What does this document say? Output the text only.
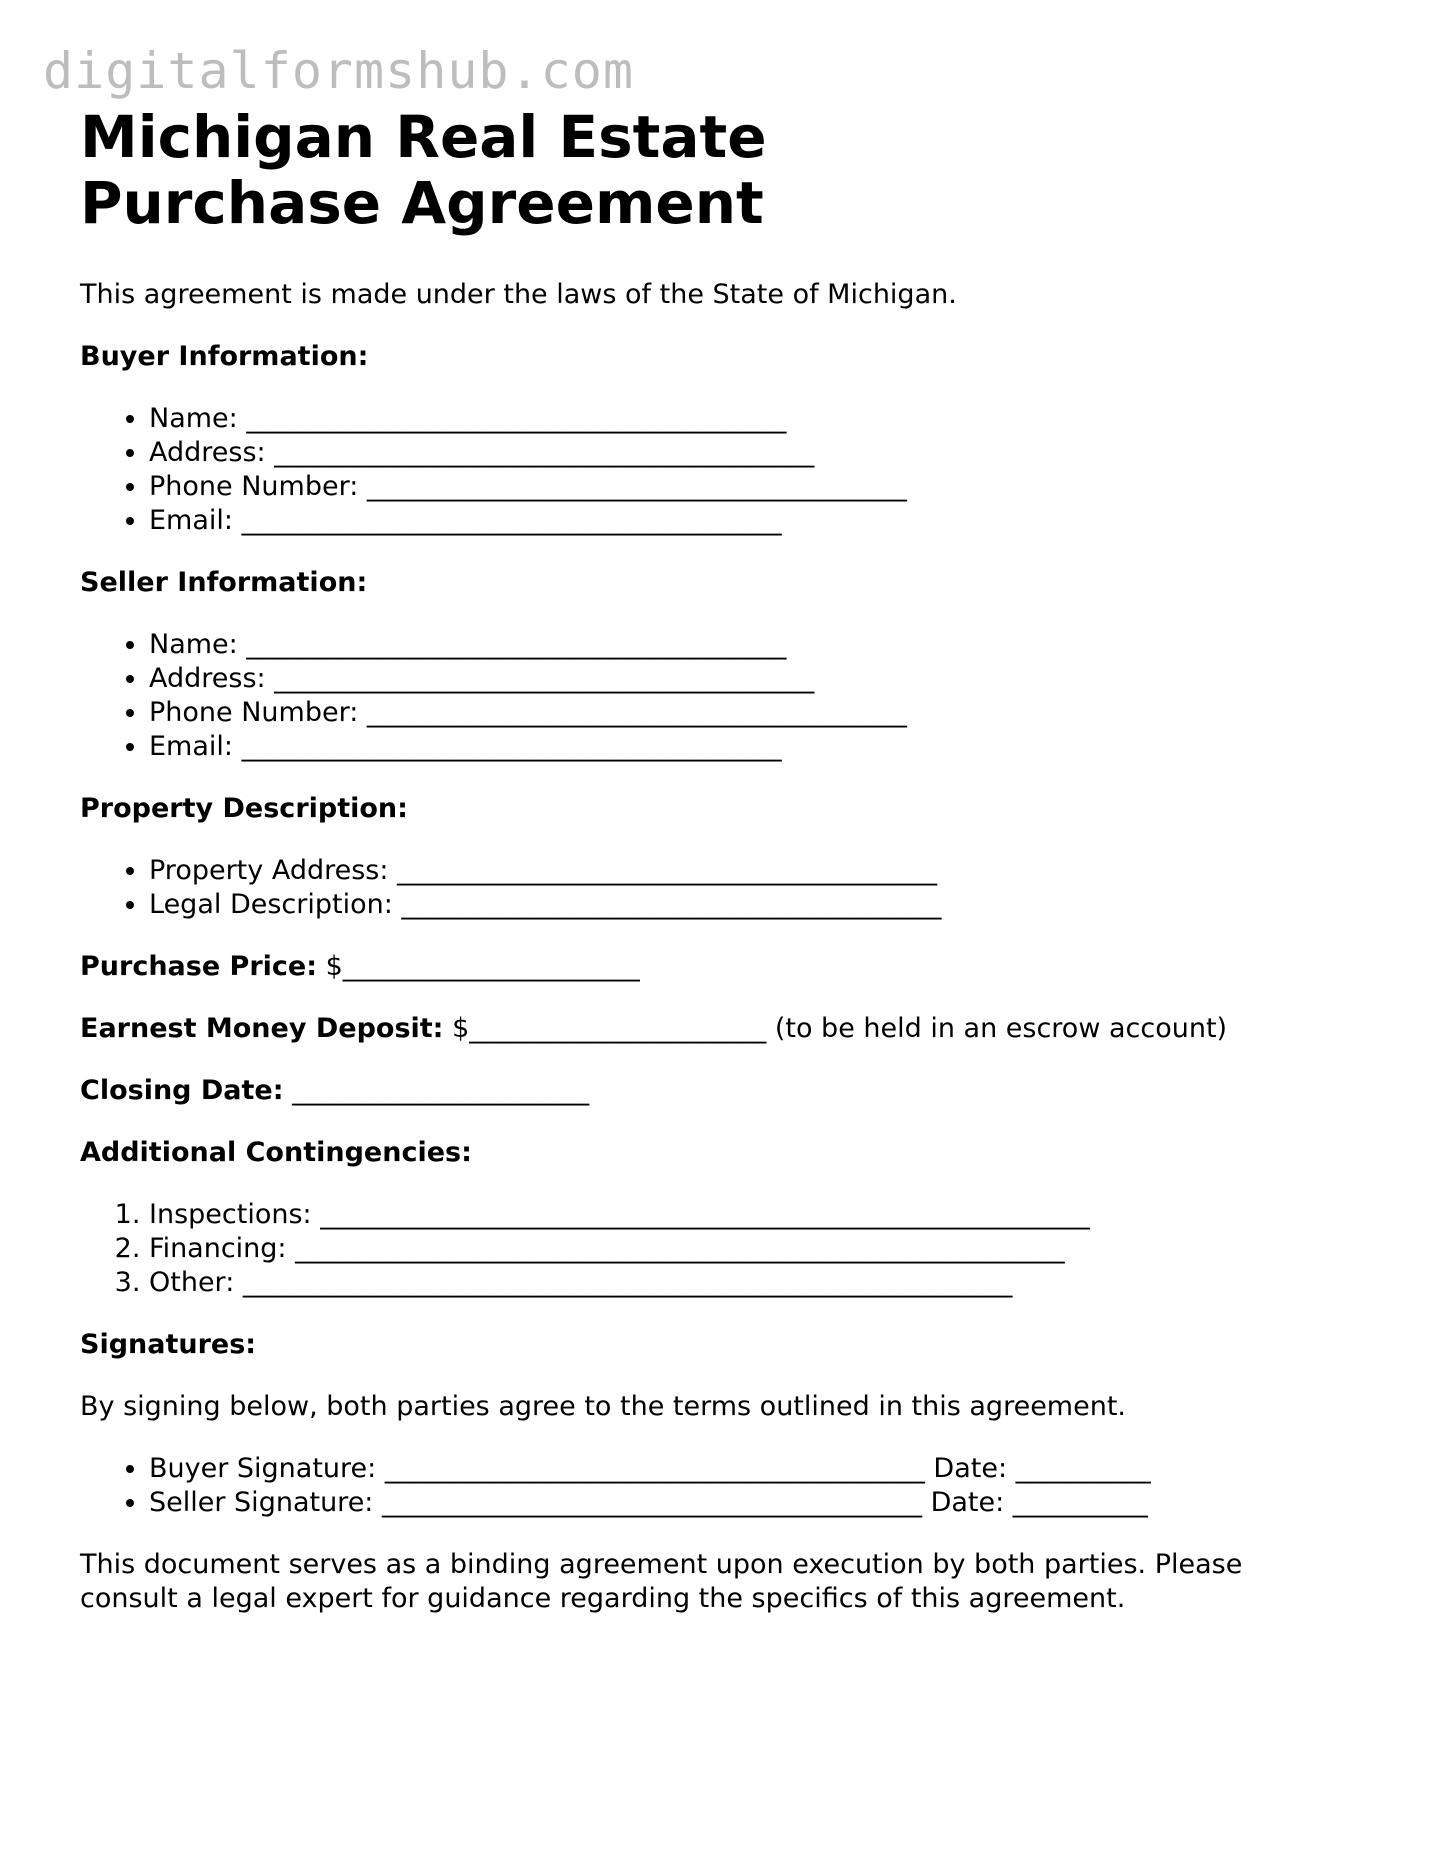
digitalformshub.com
Michigan Real Estate Purchase Agreement

This agreement is made under the laws of the State of Michigan.

Buyer Information:

• Name: ________________________________________
• Address: ________________________________________
• Phone Number: ________________________________________
• Email: ________________________________________

Seller Information:

• Name: ________________________________________
• Address: ________________________________________
• Phone Number: ________________________________________
• Email: ________________________________________

Property Description:

• Property Address: ________________________________________
• Legal Description: ________________________________________

Purchase Price: $______________________

Earnest Money Deposit: $______________________ (to be held in an escrow account)

Closing Date: ______________________

Additional Contingencies:

1. Inspections: _________________________________________________________
2. Financing: _________________________________________________________
3. Other: _________________________________________________________

Signatures:

By signing below, both parties agree to the terms outlined in this agreement.

• Buyer Signature: ________________________________________ Date: __________
• Seller Signature: ________________________________________ Date: __________

This document serves as a binding agreement upon execution by both parties. Please consult a legal expert for guidance regarding the specifics of this agreement.
